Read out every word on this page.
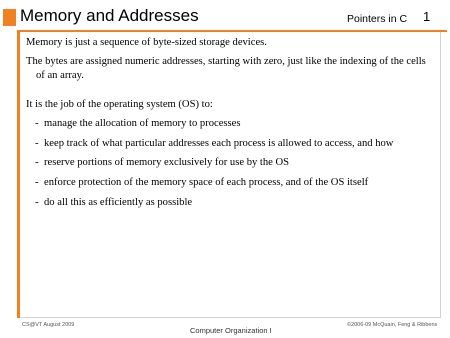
Memory and Addresses	Pointers in C 1

Memory is just a sequence of byte-sized storage devices.

The bytes are assigned numeric addresses, starting with zero, just like the indexing of the cells of an array.

It is the job of the operating system (OS) to:

- manage the allocation of memory to processes
- keep track of what particular addresses each process is allowed to access, and how
- reserve portions of memory exclusively for use by the OS
- enforce protection of the memory space of each process, and of the OS itself
- do all this as efficiently as possible
CS@VT August 2009
Computer Organization I
©2006-09 McQuain, Feng & Ribbens
